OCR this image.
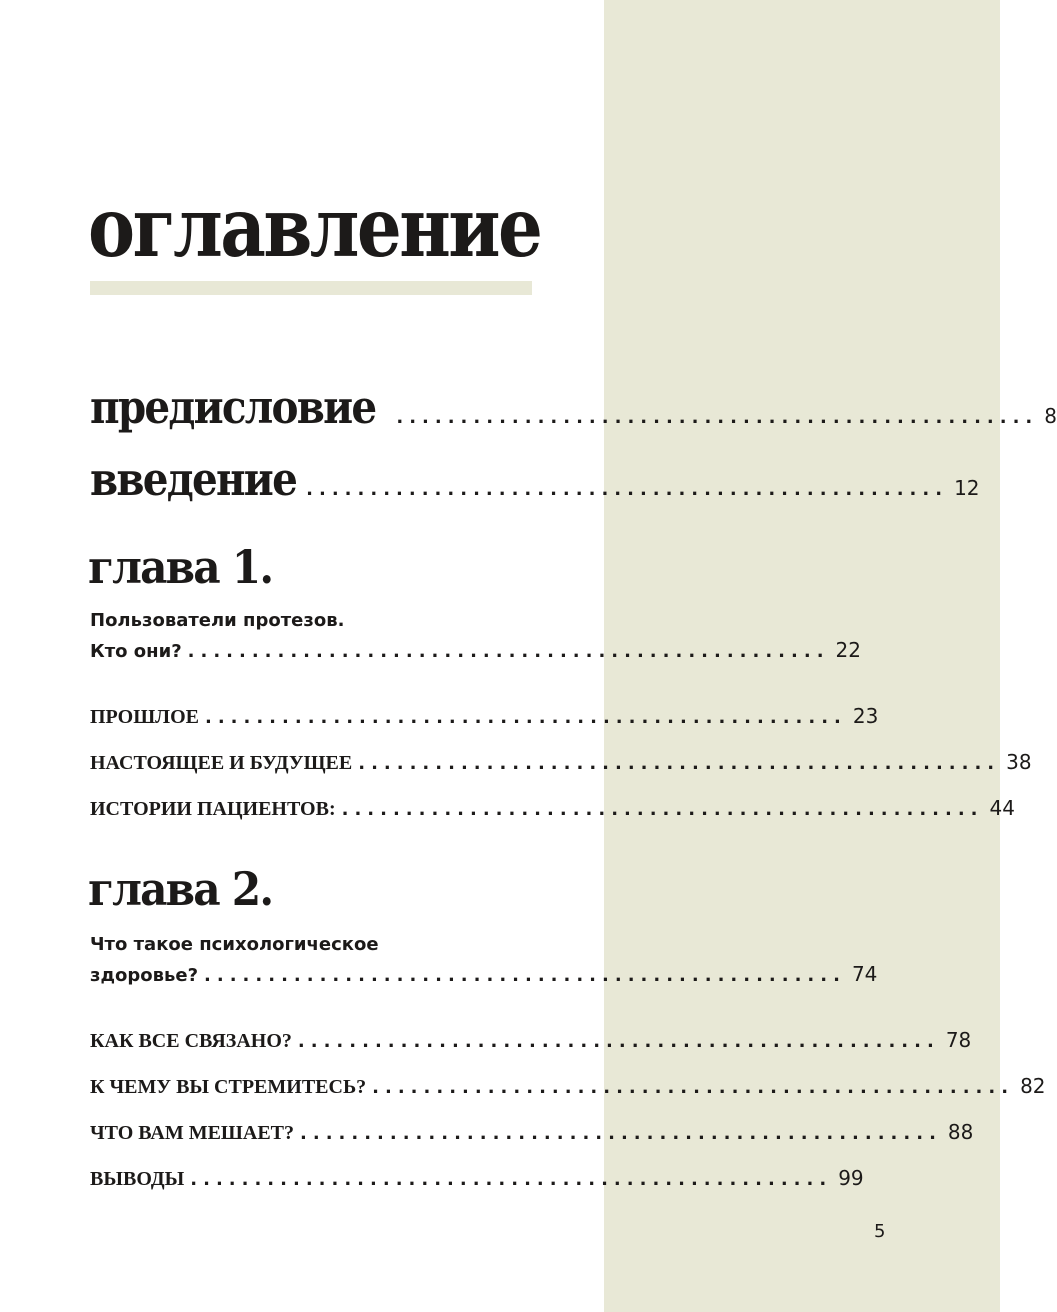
оглавление
предисловие	.................................................. 8
введение .................................................. 12
глава 1.
Пользователи протезов.
Кто они? .................................................. 22
ПРОШЛОЕ .................................................. 23
НАСТОЯЩЕЕ И БУДУЩЕЕ .................................................. 38
ИСТОРИИ ПАЦИЕНТОВ: .................................................. 44
глава 2.
Что такое психологическое
здоровье? .................................................. 74
КАК ВСЕ СВЯЗАНО? .................................................. 78
К ЧЕМУ ВЫ СТРЕМИТЕСЬ? .................................................. 82
ЧТО ВАМ МЕШАЕТ? .................................................. 88
ВЫВОДЫ .................................................. 99
5
